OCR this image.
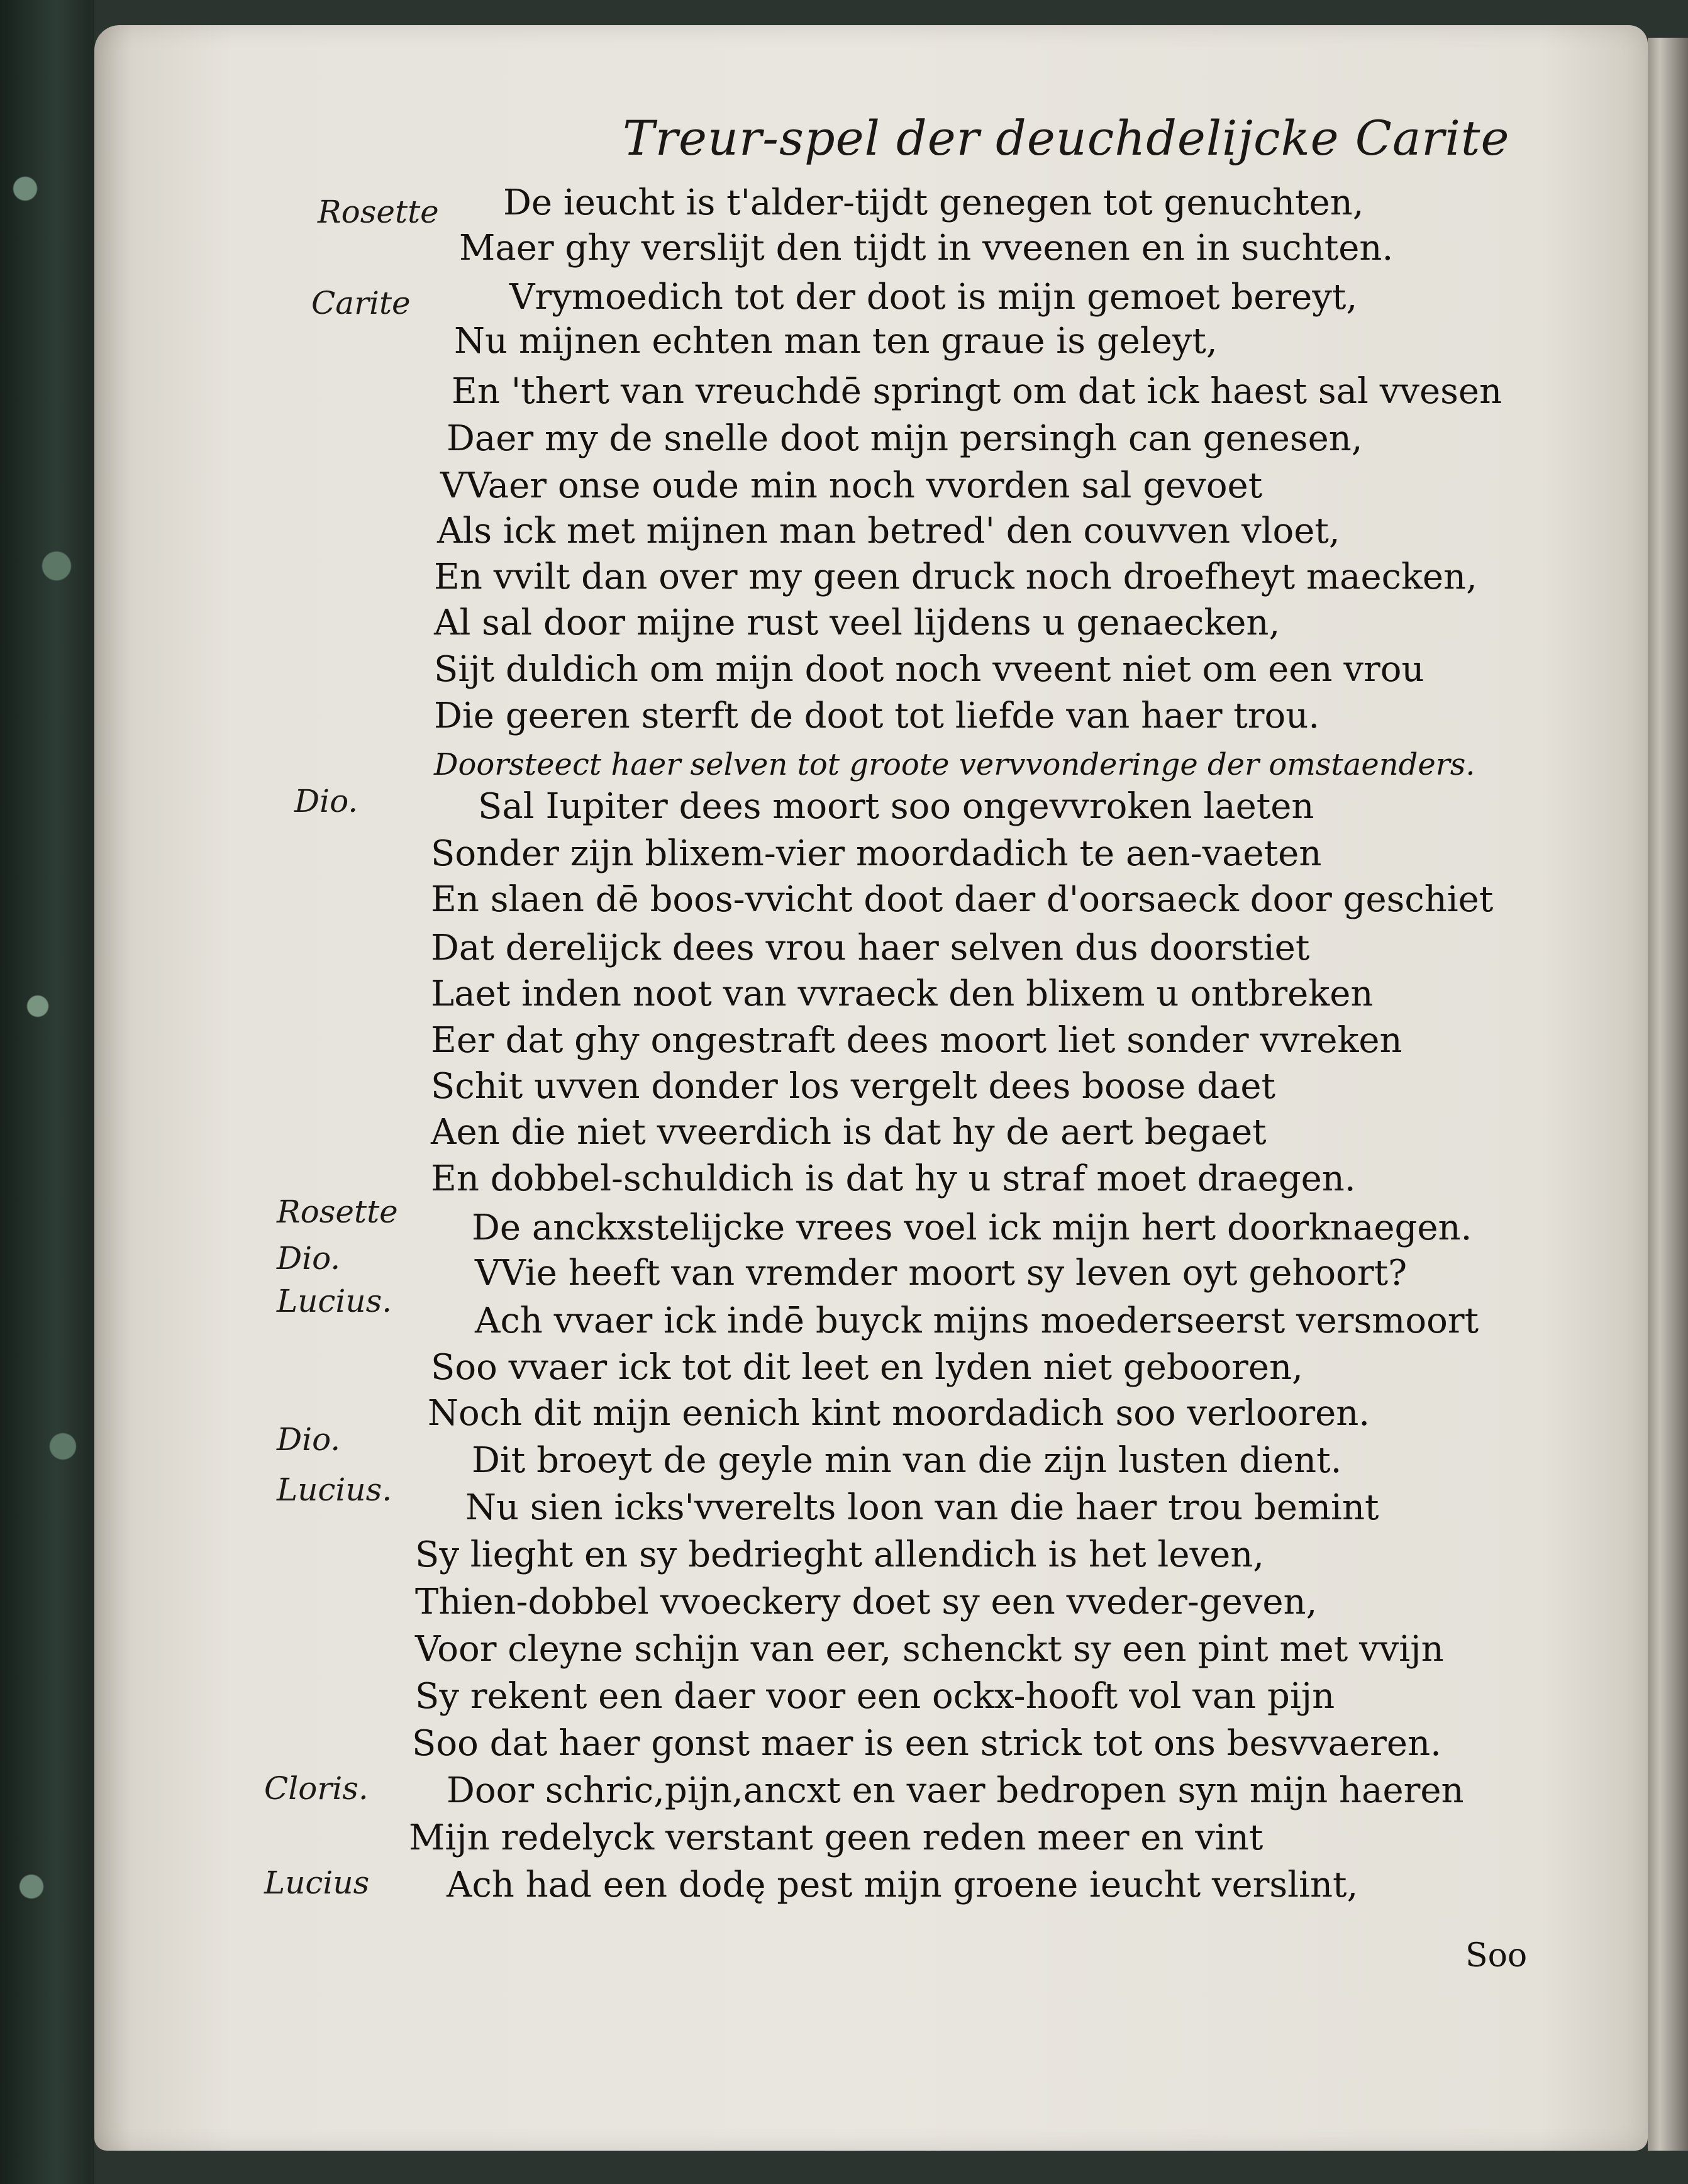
Treur-spel der deuchdelijcke Carite
Rosette
Carite
Dio.
Rosette
Dio.
Lucius.
Dio.
Lucius.
Cloris.
Lucius
De ieucht is t'alder-tijdt genegen tot genuchten,
Maer ghy verslijt den tijdt in vveenen en in suchten.
Vrymoedich tot der doot is mijn gemoet bereyt,
Nu mijnen echten man ten graue is geleyt,
En 'thert van vreuchdē springt om dat ick haest sal vvesen
Daer my de snelle doot mijn persingh can genesen,
VVaer onse oude min noch vvorden sal gevoet
Als ick met mijnen man betred' den couvven vloet,
En vvilt dan over my geen druck noch droefheyt maecken,
Al sal door mijne rust veel lijdens u genaecken,
Sijt duldich om mijn doot noch vveent niet om een vrou
Die geeren sterft de doot tot liefde van haer trou.
Doorsteect haer selven tot groote vervvonderinge der omstaenders.
Sal Iupiter dees moort soo ongevvroken laeten
Sonder zijn blixem-vier moordadich te aen-vaeten
En slaen dē boos-vvicht doot daer d'oorsaeck door geschiet
Dat derelijck dees vrou haer selven dus doorstiet
Laet inden noot van vvraeck den blixem u ontbreken
Eer dat ghy ongestraft dees moort liet sonder vvreken
Schit uvven donder los vergelt dees boose daet
Aen die niet vveerdich is dat hy de aert begaet
En dobbel-schuldich is dat hy u straf moet draegen.
De anckxstelijcke vrees voel ick mijn hert doorknaegen.
VVie heeft van vremder moort sy leven oyt gehoort?
Ach vvaer ick indē buyck mijns moederseerst versmoort
Soo vvaer ick tot dit leet en lyden niet gebooren,
Noch dit mijn eenich kint moordadich soo verlooren.
Dit broeyt de geyle min van die zijn lusten dient.
Nu sien icks'vverelts loon van die haer trou bemint
Sy lieght en sy bedrieght allendich is het leven,
Thien-dobbel vvoeckery doet sy een vveder-geven,
Voor cleyne schijn van eer, schenckt sy een pint met vvijn
Sy rekent een daer voor een ockx-hooft vol van pijn
Soo dat haer gonst maer is een strick tot ons besvvaeren.
Door schric,pijn,ancxt en vaer bedropen syn mijn haeren
Mijn redelyck verstant geen reden meer en vint
Ach had een dodę pest mijn groene ieucht verslint,
Soo
